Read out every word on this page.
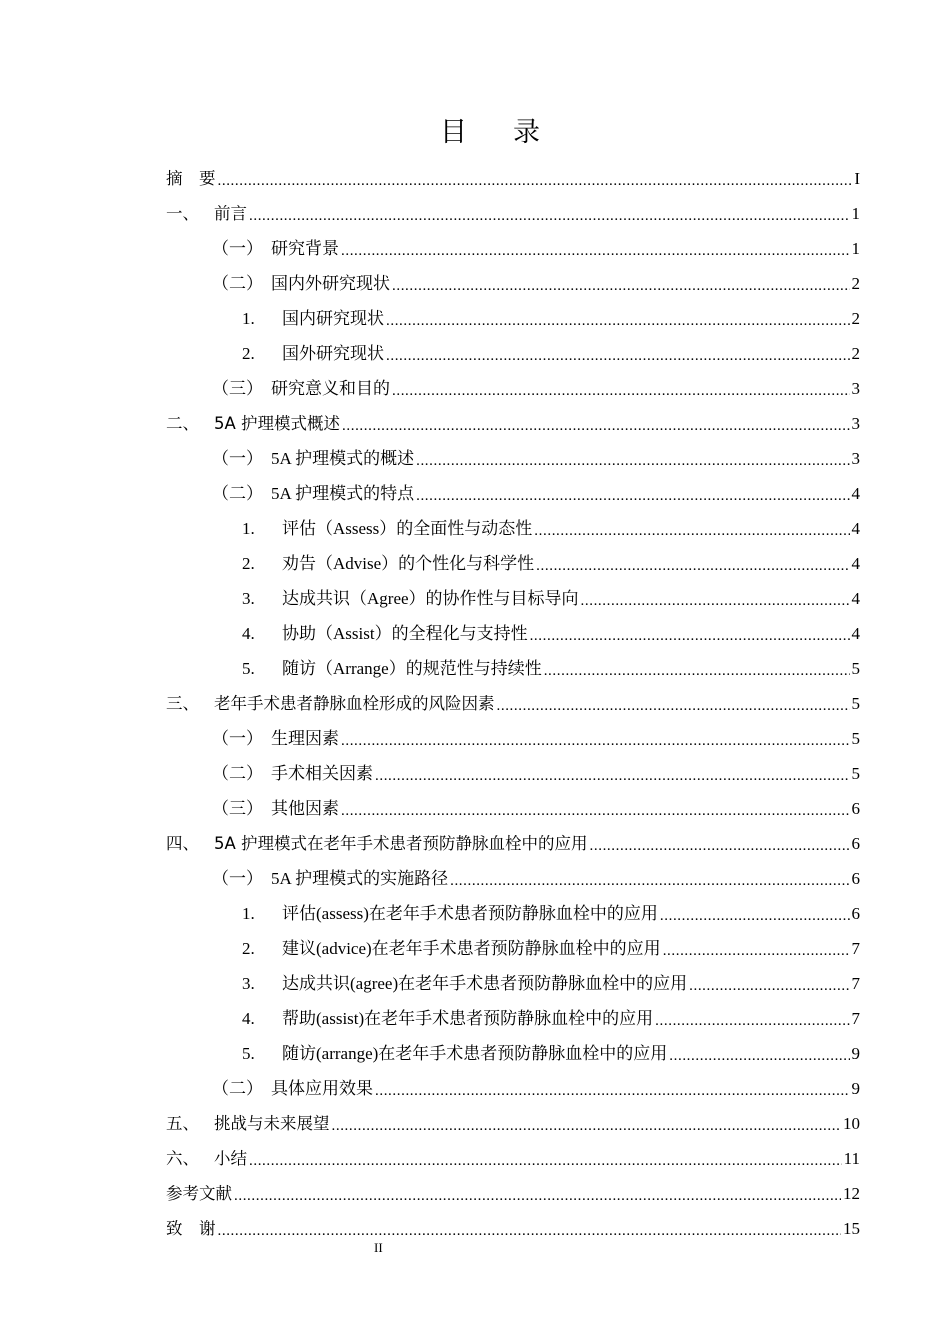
目 录
摘　要 .....	I
一、 前言 .....	1
（一） 研究背景 .....	1
（二） 国内外研究现状 .....	2
1.	国内研究现状 .....	2
2.	国外研究现状 .....	2
（三） 研究意义和目的 .....	3
二、 5A 护理模式概述 .....	3
（一） 5A 护理模式的概述 .....	3
（二） 5A 护理模式的特点 .....	4
1.	评估（Assess）的全面性与动态性 .....	4
2.	劝告（Advise）的个性化与科学性 .....	4
3.	达成共识（Agree）的协作性与目标导向 .....	4
4.	协助（Assist）的全程化与支持性 .....	4
5.	随访（Arrange）的规范性与持续性 .....	5
三、 老年手术患者静脉血栓形成的风险因素 .....	5
（一） 生理因素 .....	5
（二） 手术相关因素 .....	5
（三） 其他因素 .....	6
四、 5A 护理模式在老年手术患者预防静脉血栓中的应用 .....	6
（一） 5A 护理模式的实施路径 .....	6
1.	评估(assess)在老年手术患者预防静脉血栓中的应用 .....	6
2.	建议(advice)在老年手术患者预防静脉血栓中的应用 .....	7
3.	达成共识(agree)在老年手术患者预防静脉血栓中的应用 .....	7
4.	帮助(assist)在老年手术患者预防静脉血栓中的应用 .....	7
5.	随访(arrange)在老年手术患者预防静脉血栓中的应用 .....	9
（二） 具体应用效果 .....	9
五、 挑战与未来展望 .....	10
六、 小结 .....	11
参考文献 .....	12
致　谢 .....	15
II
